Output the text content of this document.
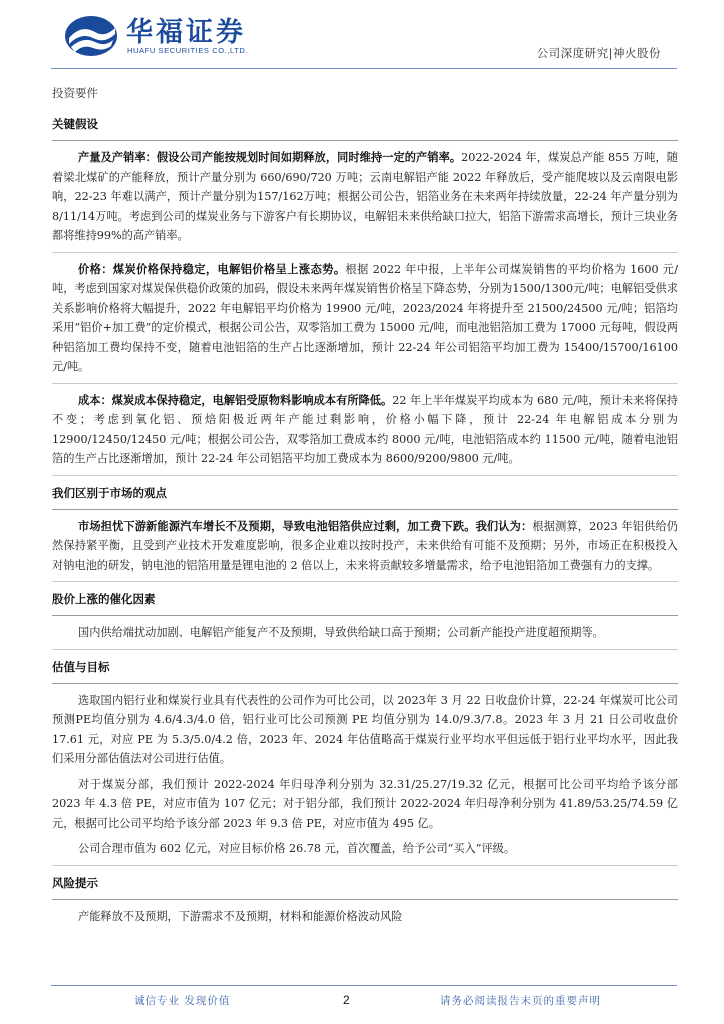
华福证券
HUAFU SECURITIES CO.,LTD.	公司深度研究|神火股份
投资要件
关键假设

产量及产销率：假设公司产能按规划时间如期释放，同时维持一定的产销率。2022-2024 年，煤炭总产能 855 万吨，随着梁北煤矿的产能释放，预计产量分别为 660/690/720 万吨；云南电解铝产能 2022 年释放后，受产能爬坡以及云南限电影响，22-23 年难以满产，预计产量分别为157/162万吨；根据公司公告，铝箔业务在未来两年持续放量，22-24 年产量分别为8/11/14万吨。考虑到公司的煤炭业务与下游客户有长期协议，电解铝未来供给缺口拉大，铝箔下游需求高增长，预计三块业务都将维持99%的高产销率。

价格：煤炭价格保持稳定，电解铝价格呈上涨态势。根据 2022 年中报，上半年公司煤炭销售的平均价格为 1600 元/吨，考虑到国家对煤炭保供稳价政策的加码，假设未来两年煤炭销售价格呈下降态势，分别为1500/1300元/吨；电解铝受供求关系影响价格将大幅提升，2022 年电解铝平均价格为 19900 元/吨，2023/2024 年将提升至 21500/24500 元/吨；铝箔均采用“铝价+加工费”的定价模式，根据公司公告，双零箔加工费为 15000 元/吨，而电池铝箔加工费为 17000 元每吨，假设两种铝箔加工费均保持不变，随着电池铝箔的生产占比逐渐增加，预计 22-24 年公司铝箔平均加工费为 15400/15700/16100元/吨。

成本：煤炭成本保持稳定，电解铝受原物料影响成本有所降低。22 年上半年煤炭平均成本为 680 元/吨，预计未来将保持不变；考虑到氧化铝、预焙阳极近两年产能过剩影响，价格小幅下降，预计 22-24 年电解铝成本分别为 12900/12450/12450 元/吨；根据公司公告，双零箔加工费成本约 8000 元/吨，电池铝箔成本约 11500 元/吨，随着电池铝箔的生产占比逐渐增加，预计 22-24 年公司铝箔平均加工费成本为 8600/9200/9800 元/吨。

我们区别于市场的观点

市场担忧下游新能源汽车增长不及预期，导致电池铝箔供应过剩，加工费下跌。我们认为：根据测算，2023 年铝供给仍然保持紧平衡，且受到产业技术开发难度影响，很多企业难以按时投产，未来供给有可能不及预期；另外，市场正在积极投入对钠电池的研发，钠电池的铝箔用量是锂电池的 2 倍以上，未来将贡献较多增量需求，给予电池铝箔加工费强有力的支撑。

股价上涨的催化因素

国内供给端扰动加剧、电解铝产能复产不及预期，导致供给缺口高于预期；公司新产能投产进度超预期等。

估值与目标

选取国内铝行业和煤炭行业具有代表性的公司作为可比公司，以 2023年 3 月 22 日收盘价计算，22-24 年煤炭可比公司预测PE均值分别为 4.6/4.3/4.0 倍，铝行业可比公司预测 PE 均值分别为 14.0/9.3/7.8。2023 年 3 月 21 日公司收盘价 17.61 元，对应 PE 为 5.3/5.0/4.2 倍，2023 年、2024 年估值略高于煤炭行业平均水平但远低于铝行业平均水平，因此我们采用分部估值法对公司进行估值。

对于煤炭分部，我们预计 2022-2024 年归母净利分别为 32.31/25.27/19.32 亿元，根据可比公司平均给予该分部 2023 年 4.3 倍 PE，对应市值为 107 亿元；对于铝分部，我们预计 2022-2024 年归母净利分别为 41.89/53.25/74.59 亿元，根据可比公司平均给予该分部 2023 年 9.3 倍 PE，对应市值为 495 亿。

公司合理市值为 602 亿元，对应目标价格 26.78 元，首次覆盖，给予公司“买入”评级。

风险提示

产能释放不及预期，下游需求不及预期，材料和能源价格波动风险

诚信专业 发现价值	2	请务必阅读报告末页的重要声明
